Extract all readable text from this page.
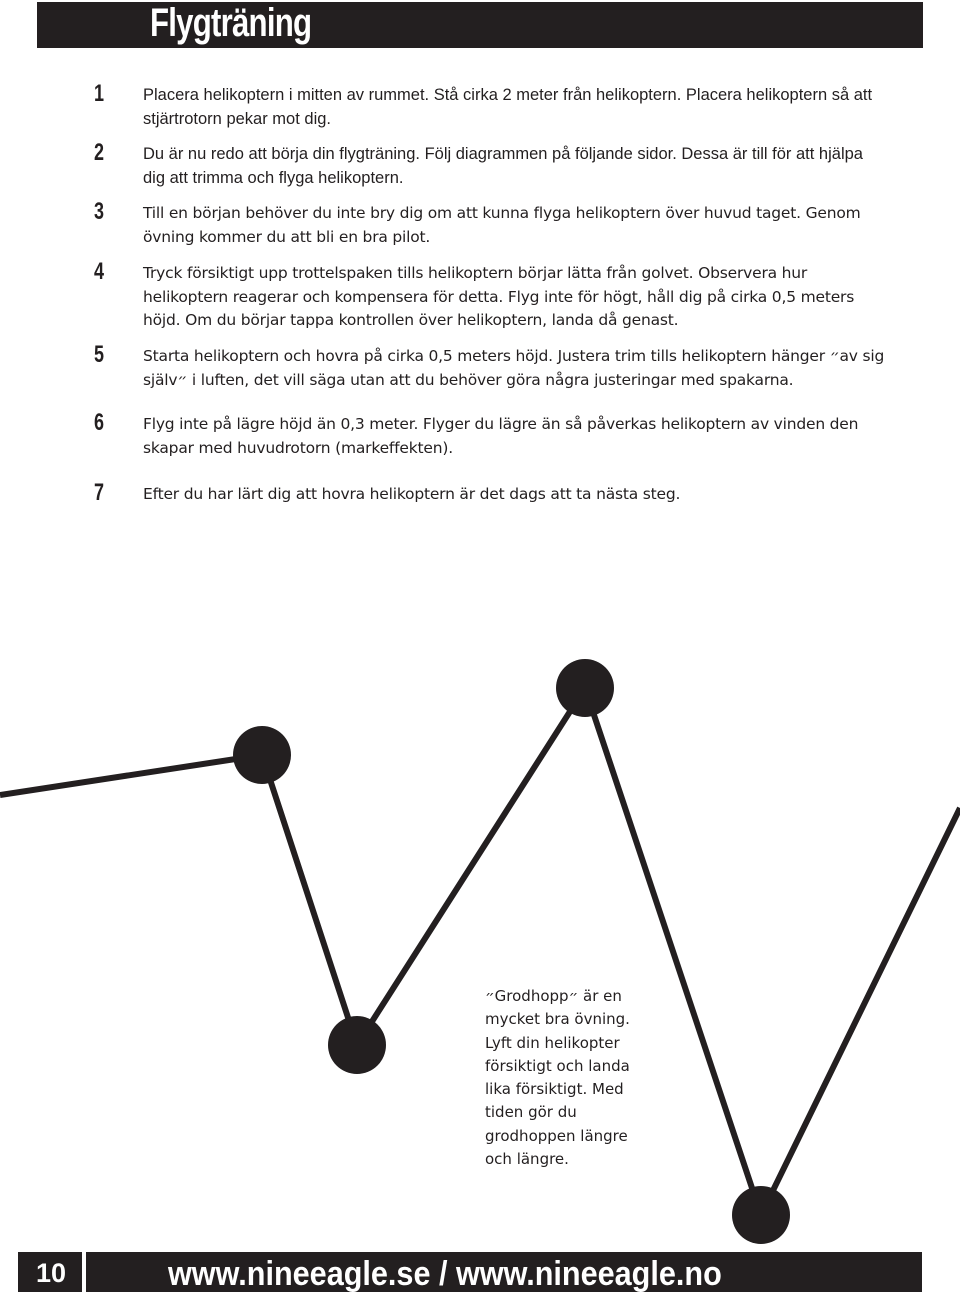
Flygträning
1	Placera helikoptern i mitten av rummet. Stå cirka 2 meter från helikoptern. Placera helikoptern så att stjärtrotorn pekar mot dig.
2	Du är nu redo att börja din flygträning. Följ diagrammen på följande sidor. Dessa är till för att hjälpa dig att trimma och flyga helikoptern.
3	Till en början behöver du inte bry dig om att kunna flyga helikoptern över huvud taget. Genom övning kommer du att bli en bra pilot.
4	Tryck försiktigt upp trottelspaken tills helikoptern börjar lätta från golvet. Observera hur helikoptern reagerar och kompensera för detta. Flyg inte för högt, håll dig på cirka 0,5 meters höjd. Om du börjar tappa kontrollen över helikoptern, landa då genast.
5	Starta helikoptern och hovra på cirka 0,5 meters höjd. Justera trim tills helikoptern hänger ״av sig själv״ i luften, det vill säga utan att du behöver göra några justeringar med spakarna.
6	Flyg inte på lägre höjd än 0,3 meter. Flyger du lägre än så påverkas helikoptern av vinden den skapar med huvudrotorn (markeffekten).
7	Efter du har lärt dig att hovra helikoptern är det dags att ta nästa steg.
״Grodhopp״ är en mycket bra övning. Lyft din helikopter försiktigt och landa lika försiktigt. Med tiden gör du grodhoppen längre och längre.
10	www.nineeagle.se / www.nineeagle.no
